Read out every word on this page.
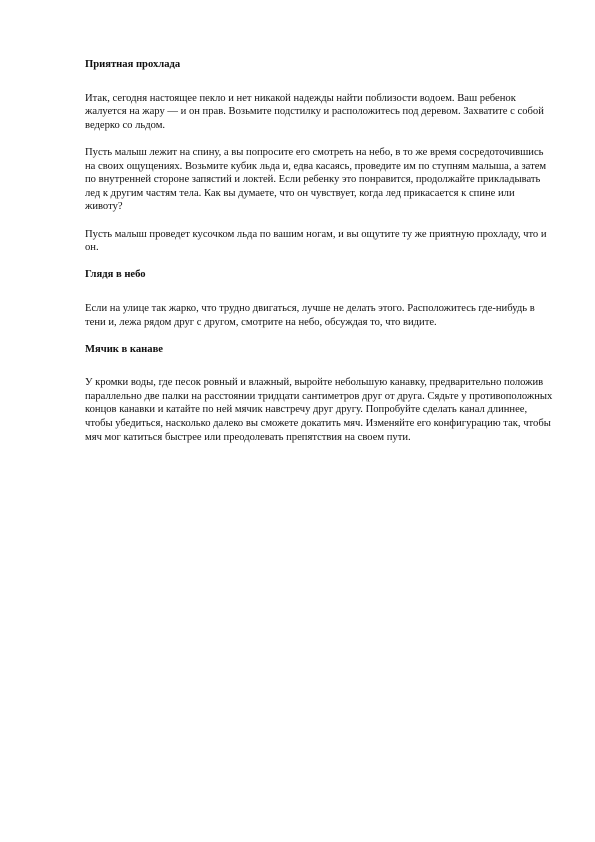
Приятная прохлада

Итак, сегодня настоящее пекло и нет никакой надежды найти поблизости водоем. Ваш ребенок жалуется на жару — и он прав. Возьмите подстилку и расположитесь под деревом. Захватите с собой ведерко со льдом.

Пусть малыш лежит на спину, а вы попросите его смотреть на небо, в то же время сосредоточившись на своих ощущениях. Возьмите кубик льда и, едва касаясь, проведите им по ступням малыша, а затем по внутренней стороне запястий и локтей. Если ребенку это понравится, продолжайте прикладывать лед к другим частям тела. Как вы думаете, что он чувствует, когда лед прикасается к спине или животу?

Пусть малыш проведет кусочком льда по вашим ногам, и вы ощутите ту же приятную прохладу, что и он.

Глядя в небо

Если на улице так жарко, что трудно двигаться, лучше не делать этого. Расположитесь где-нибудь в тени и, лежа рядом друг с другом, смотрите на небо, обсуждая то, что видите.

Мячик в канаве

У кромки воды, где песок ровный и влажный, выройте небольшую канавку, предварительно положив параллельно две палки на расстоянии тридцати сантиметров друг от друга. Сядьте у противоположных концов канавки и катайте по ней мячик навстречу друг другу. Попробуйте сделать канал длиннее, чтобы убедиться, насколько далеко вы сможете докатить мяч. Изменяйте его конфигурацию так, чтобы мяч мог катиться быстрее или преодолевать препятствия на своем пути.
